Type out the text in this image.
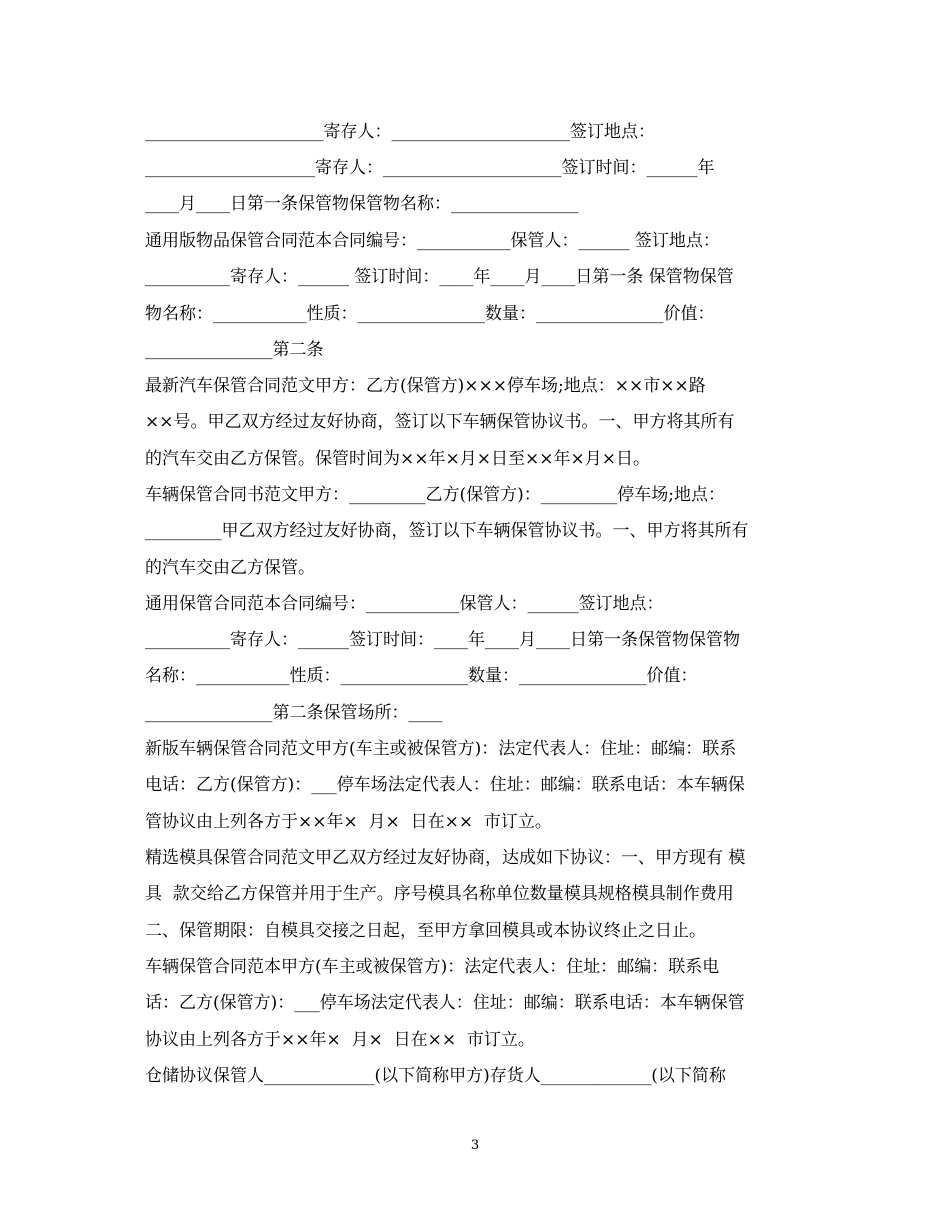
_____________________寄存人：_____________________签订地点：
____________________寄存人：_____________________签订时间：______年
____月____日第一条保管物保管物名称：_______________
通用版物品保管合同范本合同编号：___________保管人：______ 签订地点：
__________寄存人：______ 签订时间：____年____月____日第一条 保管物保管
物名称：___________性质：_______________数量：_______________价值：
_______________第二条
最新汽车保管合同范文甲方：乙方(保管方)×××停车场;地点：××市××路
××号。甲乙双方经过友好协商，签订以下车辆保管协议书。一、甲方将其所有
的汽车交由乙方保管。保管时间为××年×月×日至××年×月×日。
车辆保管合同书范文甲方：_________乙方(保管方)：_________停车场;地点：
_________甲乙双方经过友好协商，签订以下车辆保管协议书。一、甲方将其所有
的汽车交由乙方保管。
通用保管合同范本合同编号：___________保管人：______签订地点：
__________寄存人：______签订时间：____年____月____日第一条保管物保管物
名称：___________性质：_______________数量：_______________价值：
_______________第二条保管场所：____
新版车辆保管合同范文甲方(车主或被保管方)：法定代表人：住址：邮编：联系
电话：乙方(保管方)：___停车场法定代表人：住址：邮编：联系电话：本车辆保
管协议由上列各方于××年×  月×  日在××  市订立。
精选模具保管合同范文甲乙双方经过友好协商，达成如下协议：一、甲方现有 模
具  款交给乙方保管并用于生产。序号模具名称单位数量模具规格模具制作费用
二、保管期限：自模具交接之日起，至甲方拿回模具或本协议终止之日止。
车辆保管合同范本甲方(车主或被保管方)：法定代表人：住址：邮编：联系电
话：乙方(保管方)：___停车场法定代表人：住址：邮编：联系电话：本车辆保管
协议由上列各方于××年×  月×  日在××  市订立。
仓储协议保管人_____________(以下简称甲方)存货人_____________(以下简称
3
